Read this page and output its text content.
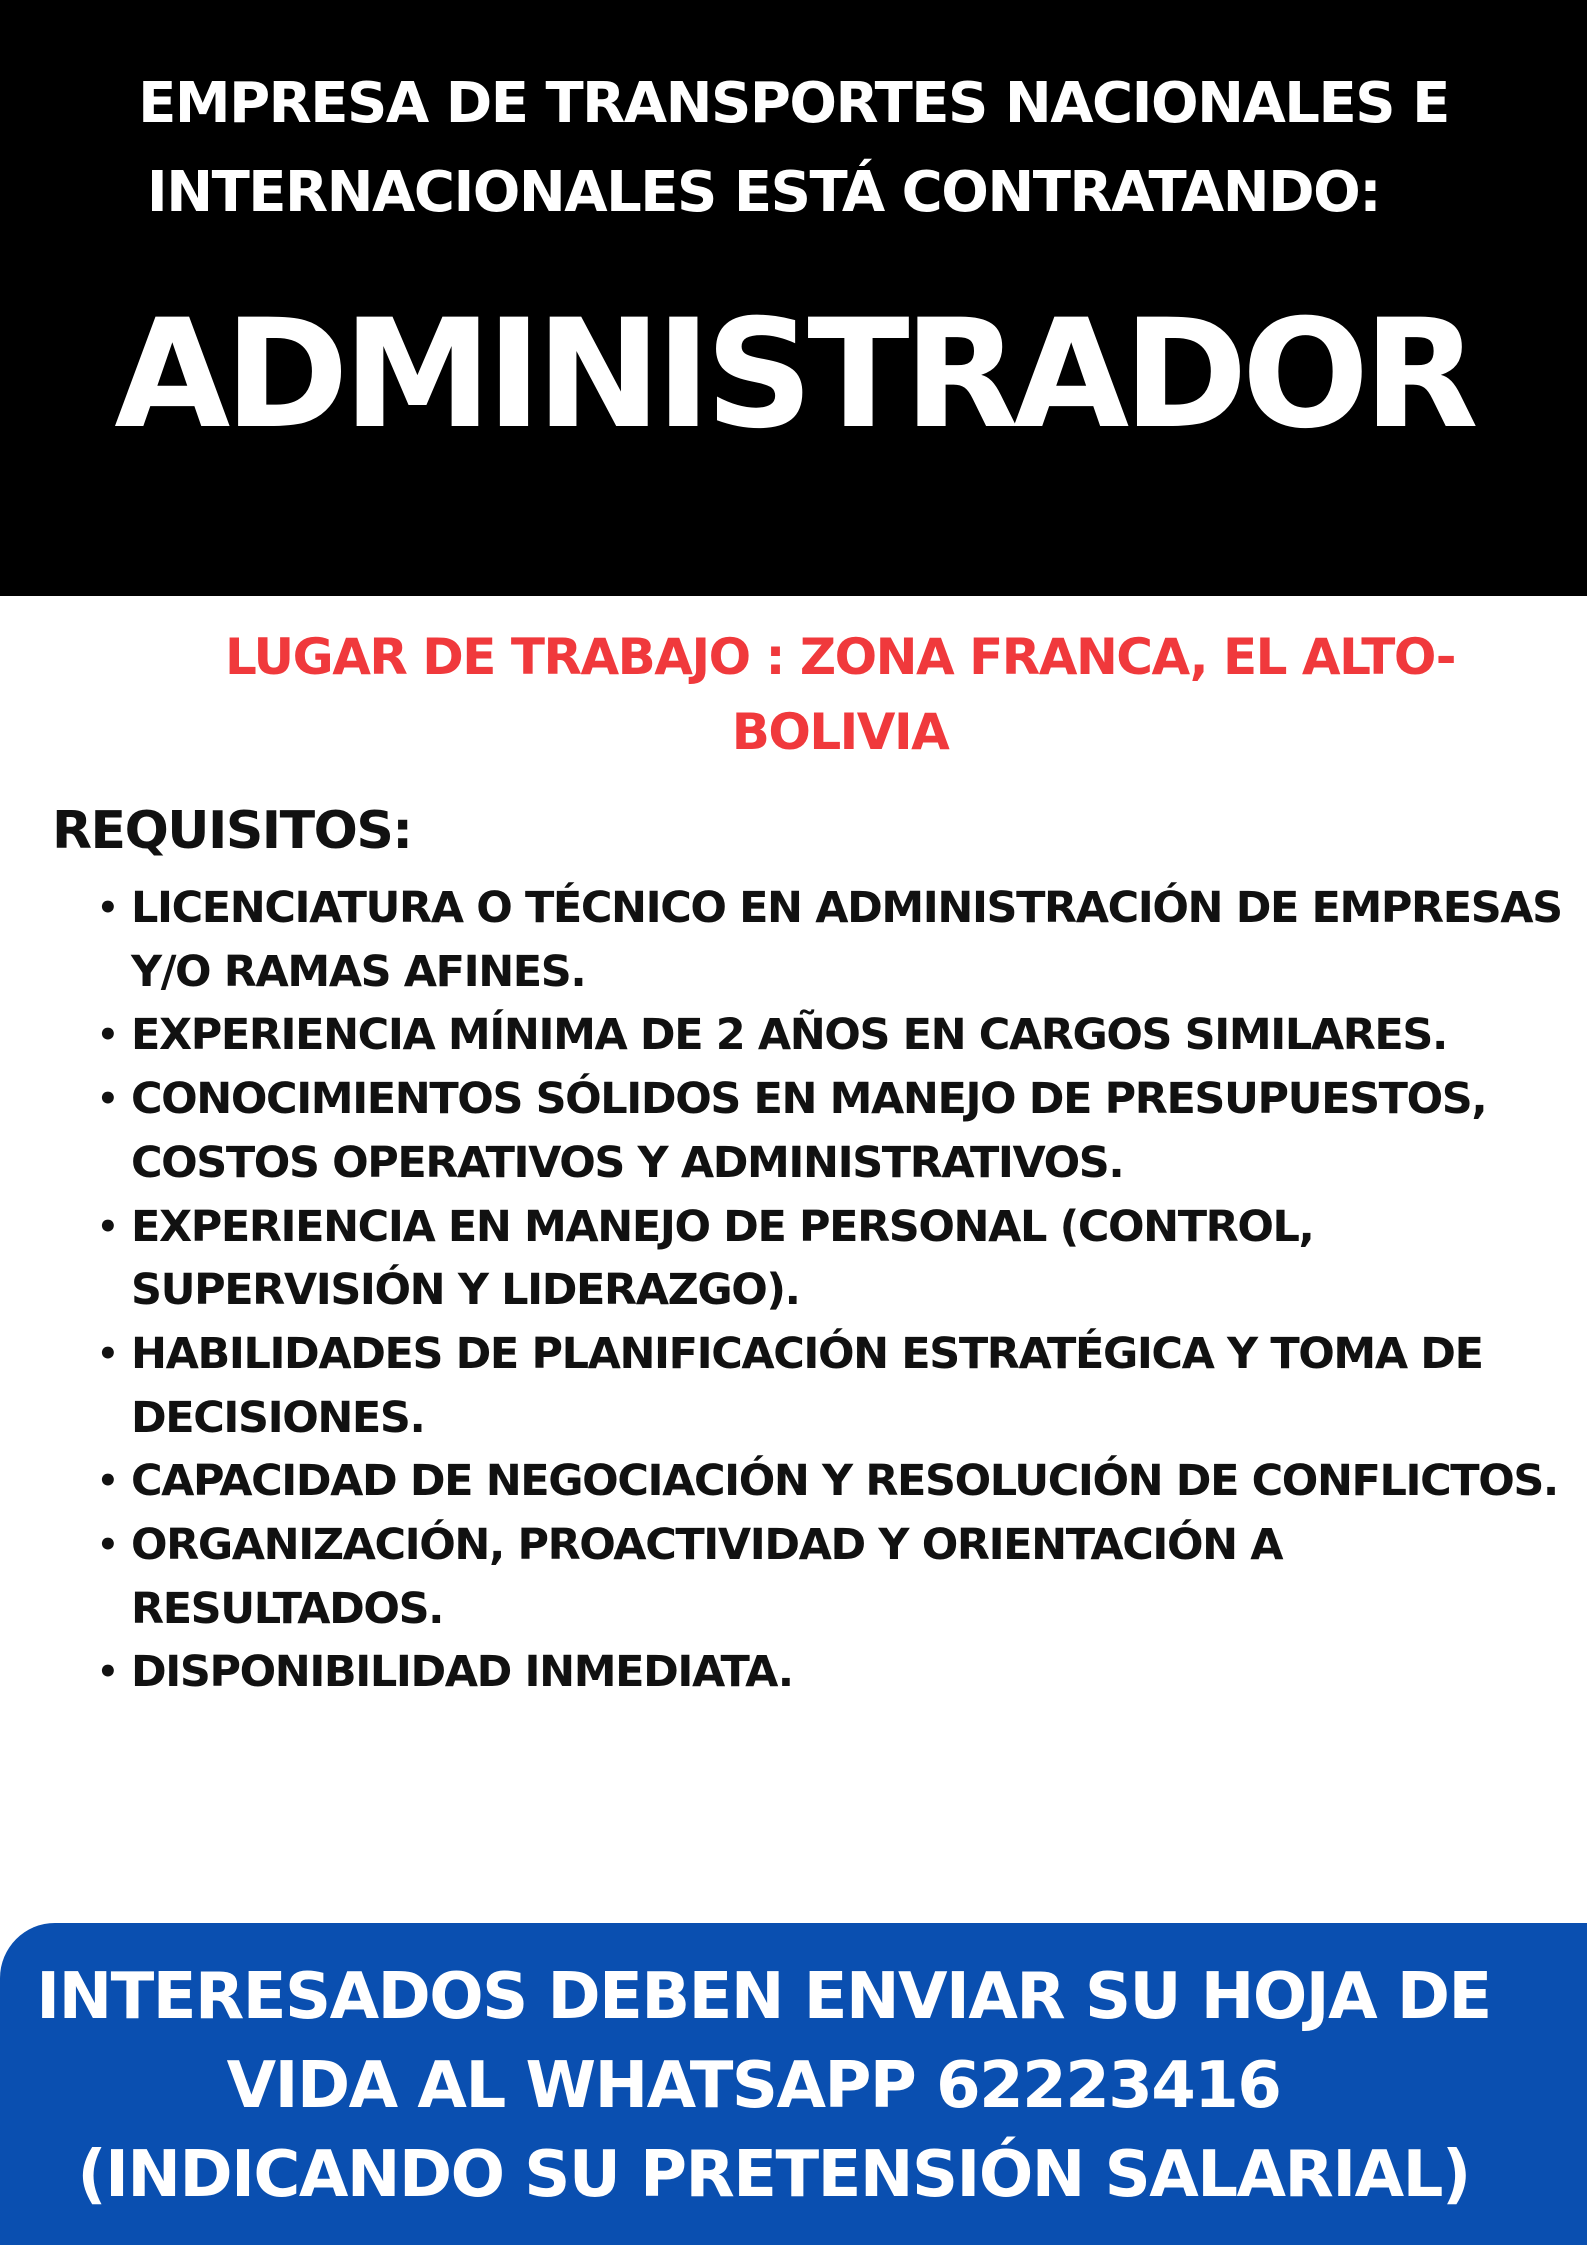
EMPRESA DE TRANSPORTES NACIONALES E
INTERNACIONALES ESTÁ CONTRATANDO:
ADMINISTRADOR
LUGAR DE TRABAJO : ZONA FRANCA, EL ALTO-BOLIVIA
REQUISITOS:
• LICENCIATURA O TÉCNICO EN ADMINISTRACIÓN DE EMPRESAS Y/O RAMAS AFINES.
• EXPERIENCIA MÍNIMA DE 2 AÑOS EN CARGOS SIMILARES.
• CONOCIMIENTOS SÓLIDOS EN MANEJO DE PRESUPUESTOS, COSTOS OPERATIVOS Y ADMINISTRATIVOS.
• EXPERIENCIA EN MANEJO DE PERSONAL (CONTROL, SUPERVISIÓN Y LIDERAZGO).
• HABILIDADES DE PLANIFICACIÓN ESTRATÉGICA Y TOMA DE DECISIONES.
• CAPACIDAD DE NEGOCIACIÓN Y RESOLUCIÓN DE CONFLICTOS.
• ORGANIZACIÓN, PROACTIVIDAD Y ORIENTACIÓN A RESULTADOS.
• DISPONIBILIDAD INMEDIATA.
INTERESADOS DEBEN ENVIAR SU HOJA DE
VIDA AL WHATSAPP 62223416
(INDICANDO SU PRETENSIÓN SALARIAL)
